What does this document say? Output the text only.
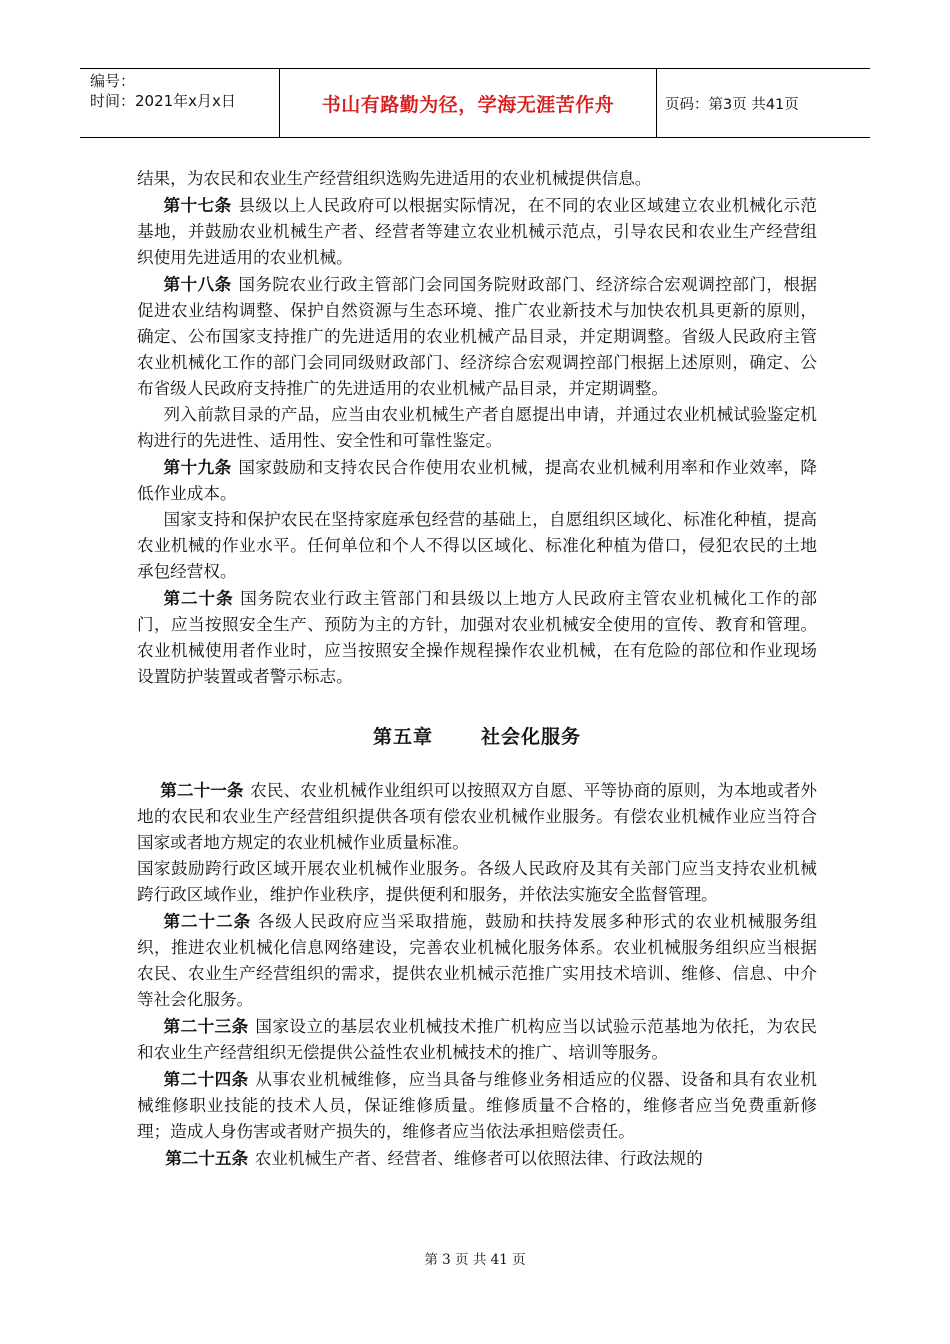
编号：
时间：2021年x月x日	书山有路勤为径，学海无涯苦作舟	页码：第3页 共41页

结果，为农民和农业生产经营组织选购先进适用的农业机械提供信息。

第十七条 县级以上人民政府可以根据实际情况，在不同的农业区域建立农业机械化示范基地，并鼓励农业机械生产者、经营者等建立农业机械示范点，引导农民和农业生产经营组织使用先进适用的农业机械。

第十八条 国务院农业行政主管部门会同国务院财政部门、经济综合宏观调控部门，根据促进农业结构调整、保护自然资源与生态环境、推广农业新技术与加快农机具更新的原则，确定、公布国家支持推广的先进适用的农业机械产品目录，并定期调整。省级人民政府主管农业机械化工作的部门会同同级财政部门、经济综合宏观调控部门根据上述原则，确定、公布省级人民政府支持推广的先进适用的农业机械产品目录，并定期调整。

列入前款目录的产品，应当由农业机械生产者自愿提出申请，并通过农业机械试验鉴定机构进行的先进性、适用性、安全性和可靠性鉴定。

第十九条 国家鼓励和支持农民合作使用农业机械，提高农业机械利用率和作业效率，降低作业成本。

国家支持和保护农民在坚持家庭承包经营的基础上，自愿组织区域化、标准化种植，提高农业机械的作业水平。任何单位和个人不得以区域化、标准化种植为借口，侵犯农民的土地承包经营权。

第二十条 国务院农业行政主管部门和县级以上地方人民政府主管农业机械化工作的部门，应当按照安全生产、预防为主的方针，加强对农业机械安全使用的宣传、教育和管理。 农业机械使用者作业时，应当按照安全操作规程操作农业机械，在有危险的部位和作业现场设置防护装置或者警示标志。

第五章	社会化服务

第二十一条 农民、农业机械作业组织可以按照双方自愿、平等协商的原则，为本地或者外地的农民和农业生产经营组织提供各项有偿农业机械作业服务。有偿农业机械作业应当符合国家或者地方规定的农业机械作业质量标准。

国家鼓励跨行政区域开展农业机械作业服务。各级人民政府及其有关部门应当支持农业机械跨行政区域作业，维护作业秩序，提供便利和服务，并依法实施安全监督管理。

第二十二条 各级人民政府应当采取措施，鼓励和扶持发展多种形式的农业机械服务组织，推进农业机械化信息网络建设，完善农业机械化服务体系。农业机械服务组织应当根据农民、农业生产经营组织的需求，提供农业机械示范推广实用技术培训、维修、信息、中介等社会化服务。

第二十三条 国家设立的基层农业机械技术推广机构应当以试验示范基地为依托，为农民和农业生产经营组织无偿提供公益性农业机械技术的推广、培训等服务。

第二十四条 从事农业机械维修，应当具备与维修业务相适应的仪器、设备和具有农业机械维修职业技能的技术人员，保证维修质量。维修质量不合格的，维修者应当免费重新修理；造成人身伤害或者财产损失的，维修者应当依法承担赔偿责任。

第二十五条 农业机械生产者、经营者、维修者可以依照法律、行政法规的

第 3 页 共 41 页
